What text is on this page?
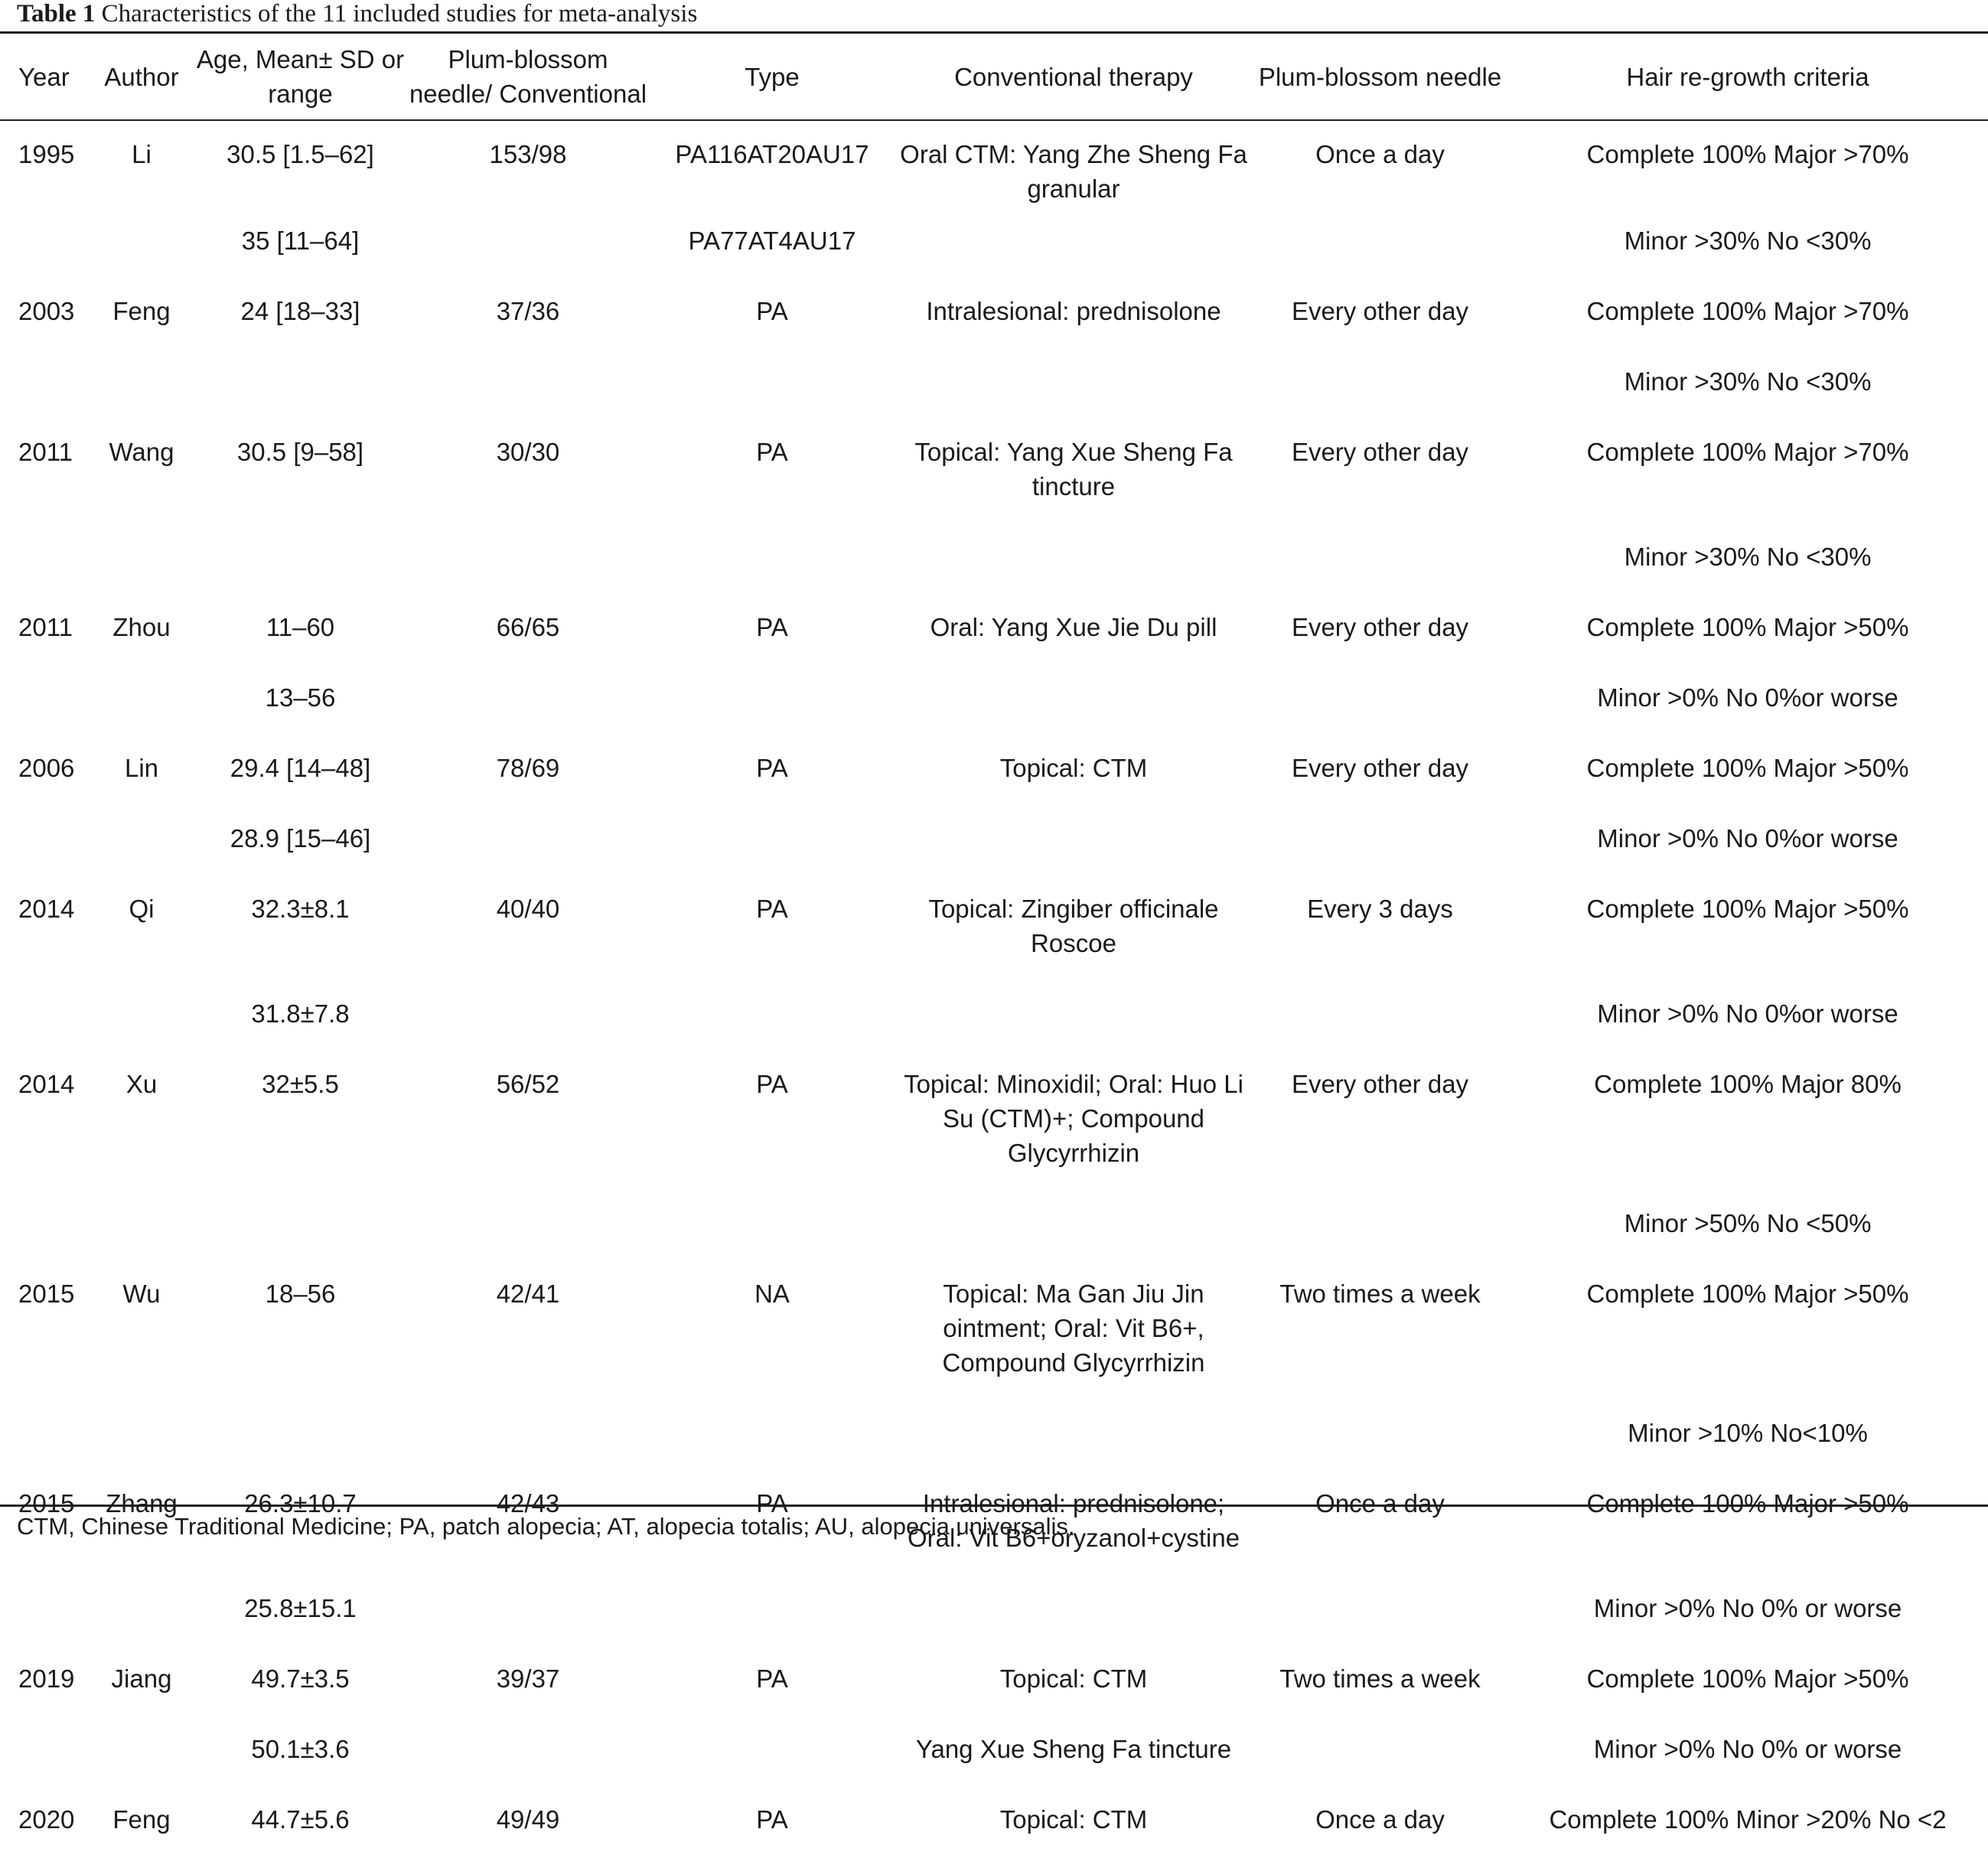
Table 1 Characteristics of the 11 included studies for meta-analysis
Year	Author	Age, Mean± SD or range	Plum-blossom needle/ Conventional	Type	Conventional therapy	Plum-blossom needle	Hair re-growth criteria
1995	Li	30.5 [1.5–62]	153/98	PA116AT20AU17	Oral CTM: Yang Zhe Sheng Fa granular	Once a day	Complete 100% Major >70%
		35 [11–64]		PA77AT4AU17			Minor >30% No <30%
2003	Feng	24 [18–33]	37/36	PA	Intralesional: prednisolone	Every other day	Complete 100% Major >70%
							Minor >30% No <30%
2011	Wang	30.5 [9–58]	30/30	PA	Topical: Yang Xue Sheng Fa tincture	Every other day	Complete 100% Major >70%
							Minor >30% No <30%
2011	Zhou	11–60	66/65	PA	Oral: Yang Xue Jie Du pill	Every other day	Complete 100% Major >50%
		13–56					Minor >0% No 0%or worse
2006	Lin	29.4 [14–48]	78/69	PA	Topical: CTM	Every other day	Complete 100% Major >50%
		28.9 [15–46]					Minor >0% No 0%or worse
2014	Qi	32.3±8.1	40/40	PA	Topical: Zingiber officinale Roscoe	Every 3 days	Complete 100% Major >50%
		31.8±7.8					Minor >0% No 0%or worse
2014	Xu	32±5.5	56/52	PA	Topical: Minoxidil; Oral: Huo Li Su (CTM)+; Compound Glycyrrhizin	Every other day	Complete 100% Major 80%
							Minor >50% No <50%
2015	Wu	18–56	42/41	NA	Topical: Ma Gan Jiu Jin ointment; Oral: Vit B6+, Compound Glycyrrhizin	Two times a week	Complete 100% Major >50%
							Minor >10% No<10%
2015	Zhang	26.3±10.7	42/43	PA	Intralesional: prednisolone; Oral: Vit B6+oryzanol+cystine	Once a day	Complete 100% Major >50%
		25.8±15.1					Minor >0% No 0% or worse
2019	Jiang	49.7±3.5	39/37	PA	Topical: CTM	Two times a week	Complete 100% Major >50%
		50.1±3.6			Yang Xue Sheng Fa tincture		Minor >0% No 0% or worse
2020	Feng	44.7±5.6	49/49	PA	Topical: CTM	Once a day	Complete 100% Minor >20% No <2
CTM, Chinese Traditional Medicine; PA, patch alopecia; AT, alopecia totalis; AU, alopecia universalis.
